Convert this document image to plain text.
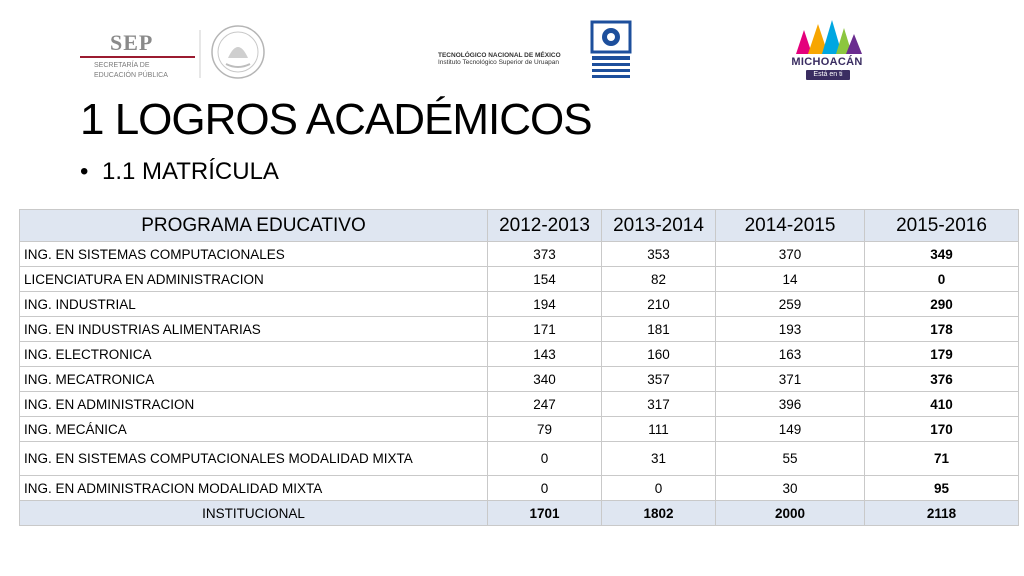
SEP
SECRETARÍA DE
EDUCACIÓN PÚBLICA
TECNOLÓGICO NACIONAL DE MÉXICO
Instituto Tecnológico Superior de Uruapan	MICHOACÁN
Está en ti
1 LOGROS ACADÉMICOS
• 1.1 MATRÍCULA
PROGRAMA EDUCATIVO	2012-2013	2013-2014	2014-2015	2015-2016
ING. EN SISTEMAS COMPUTACIONALES	373	353	370	349
LICENCIATURA EN ADMINISTRACION	154	82	14	0
ING. INDUSTRIAL	194	210	259	290
ING. EN INDUSTRIAS ALIMENTARIAS	171	181	193	178
ING. ELECTRONICA	143	160	163	179
ING. MECATRONICA	340	357	371	376
ING. EN ADMINISTRACION	247	317	396	410
ING. MECÁNICA	79	111	149	170
ING. EN SISTEMAS COMPUTACIONALES MODALIDAD MIXTA	0	31	55	71
ING. EN ADMINISTRACION MODALIDAD MIXTA	0	0	30	95
INSTITUCIONAL	1701	1802	2000	2118
